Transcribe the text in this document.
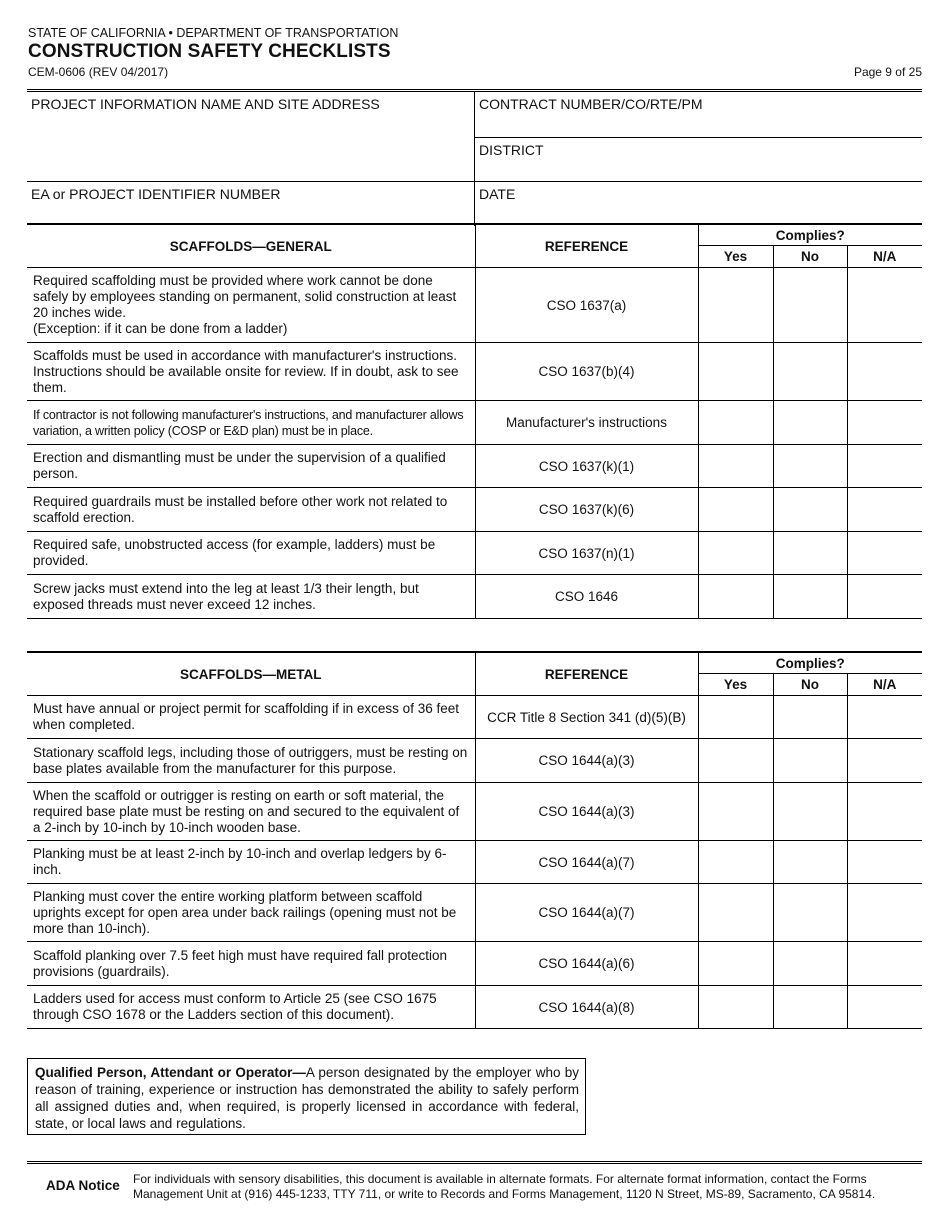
STATE OF CALIFORNIA • DEPARTMENT OF TRANSPORTATION
CONSTRUCTION SAFETY CHECKLISTS
CEM-0606 (REV 04/2017)	Page 9 of 25
PROJECT INFORMATION NAME AND SITE ADDRESS
EA or PROJECT IDENTIFIER NUMBER
CONTRACT NUMBER/CO/RTE/PM
DISTRICT
DATE
SCAFFOLDS—GENERAL	REFERENCE	Complies?		
		Yes	No	N/A
Required scaffolding must be provided where work cannot be done safely by employees standing on permanent, solid construction at least 20 inches wide.
(Exception: if it can be done from a ladder)	CSO 1637(a)			
Scaffolds must be used in accordance with manufacturer's instructions. Instructions should be available onsite for review. If in doubt, ask to see them.	CSO 1637(b)(4)			
If contractor is not following manufacturer's instructions, and manufacturer allows variation, a written policy (COSP or E&D plan) must be in place.	Manufacturer's instructions			
Erection and dismantling must be under the supervision of a qualified person.	CSO 1637(k)(1)			
Required guardrails must be installed before other work not related to scaffold erection.	CSO 1637(k)(6)			
Required safe, unobstructed access (for example, ladders) must be provided.	CSO 1637(n)(1)			
Screw jacks must extend into the leg at least 1/3 their length, but exposed threads must never exceed 12 inches.	CSO 1646			
SCAFFOLDS—METAL	REFERENCE	Complies?		
		Yes	No	N/A
Must have annual or project permit for scaffolding if in excess of 36 feet when completed.	CCR Title 8 Section 341 (d)(5)(B)			
Stationary scaffold legs, including those of outriggers, must be resting on base plates available from the manufacturer for this purpose.	CSO 1644(a)(3)			
When the scaffold or outrigger is resting on earth or soft material, the required base plate must be resting on and secured to the equivalent of a 2-inch by 10-inch by 10-inch wooden base.	CSO 1644(a)(3)			
Planking must be at least 2-inch by 10-inch and overlap ledgers by 6-inch.	CSO 1644(a)(7)			
Planking must cover the entire working platform between scaffold uprights except for open area under back railings (opening must not be more than 10-inch).	CSO 1644(a)(7)			
Scaffold planking over 7.5 feet high must have required fall protection provisions (guardrails).	CSO 1644(a)(6)			
Ladders used for access must conform to Article 25 (see CSO 1675 through CSO 1678 or the Ladders section of this document).	CSO 1644(a)(8)			
Qualified Person, Attendant or Operator—A person designated by the employer who by reason of training, experience or instruction has demonstrated the ability to safely perform all assigned duties and, when required, is properly licensed in accordance with federal, state, or local laws and regulations.
ADA Notice For individuals with sensory disabilities, this document is available in alternate formats. For alternate format information, contact the Forms Management Unit at (916) 445-1233, TTY 711, or write to Records and Forms Management, 1120 N Street, MS-89, Sacramento, CA 95814.
